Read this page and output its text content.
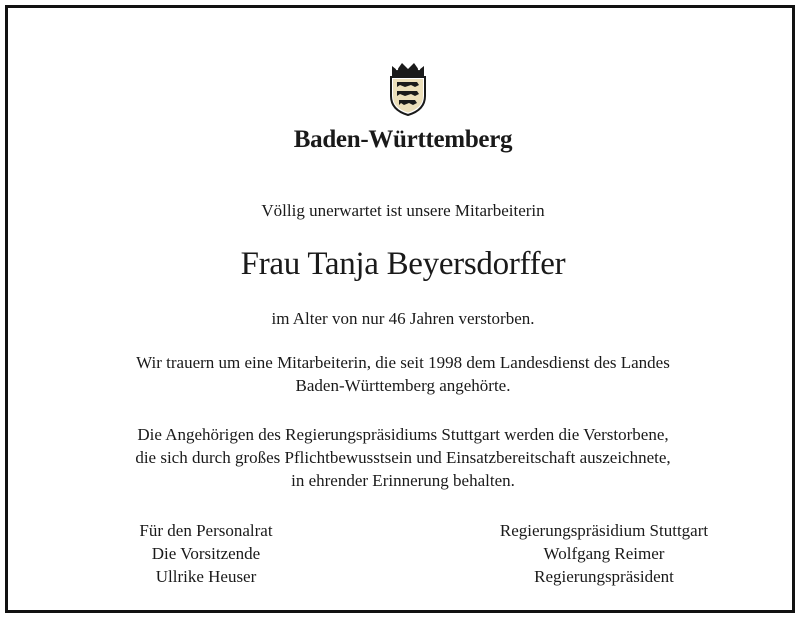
Baden-Württemberg
Völlig unerwartet ist unsere Mitarbeiterin
Frau Tanja Beyersdorffer
im Alter von nur 46 Jahren verstorben.
Wir trauern um eine Mitarbeiterin, die seit 1998 dem Landesdienst des Landes
Baden-Württemberg angehörte.
Die Angehörigen des Regierungspräsidiums Stuttgart werden die Verstorbene,
die sich durch großes Pflichtbewusstsein und Einsatzbereitschaft auszeichnete,
in ehrender Erinnerung behalten.
Für den Personalrat
Die Vorsitzende
Ullrike Heuser
Regierungspräsidium Stuttgart
Wolfgang Reimer
Regierungspräsident
